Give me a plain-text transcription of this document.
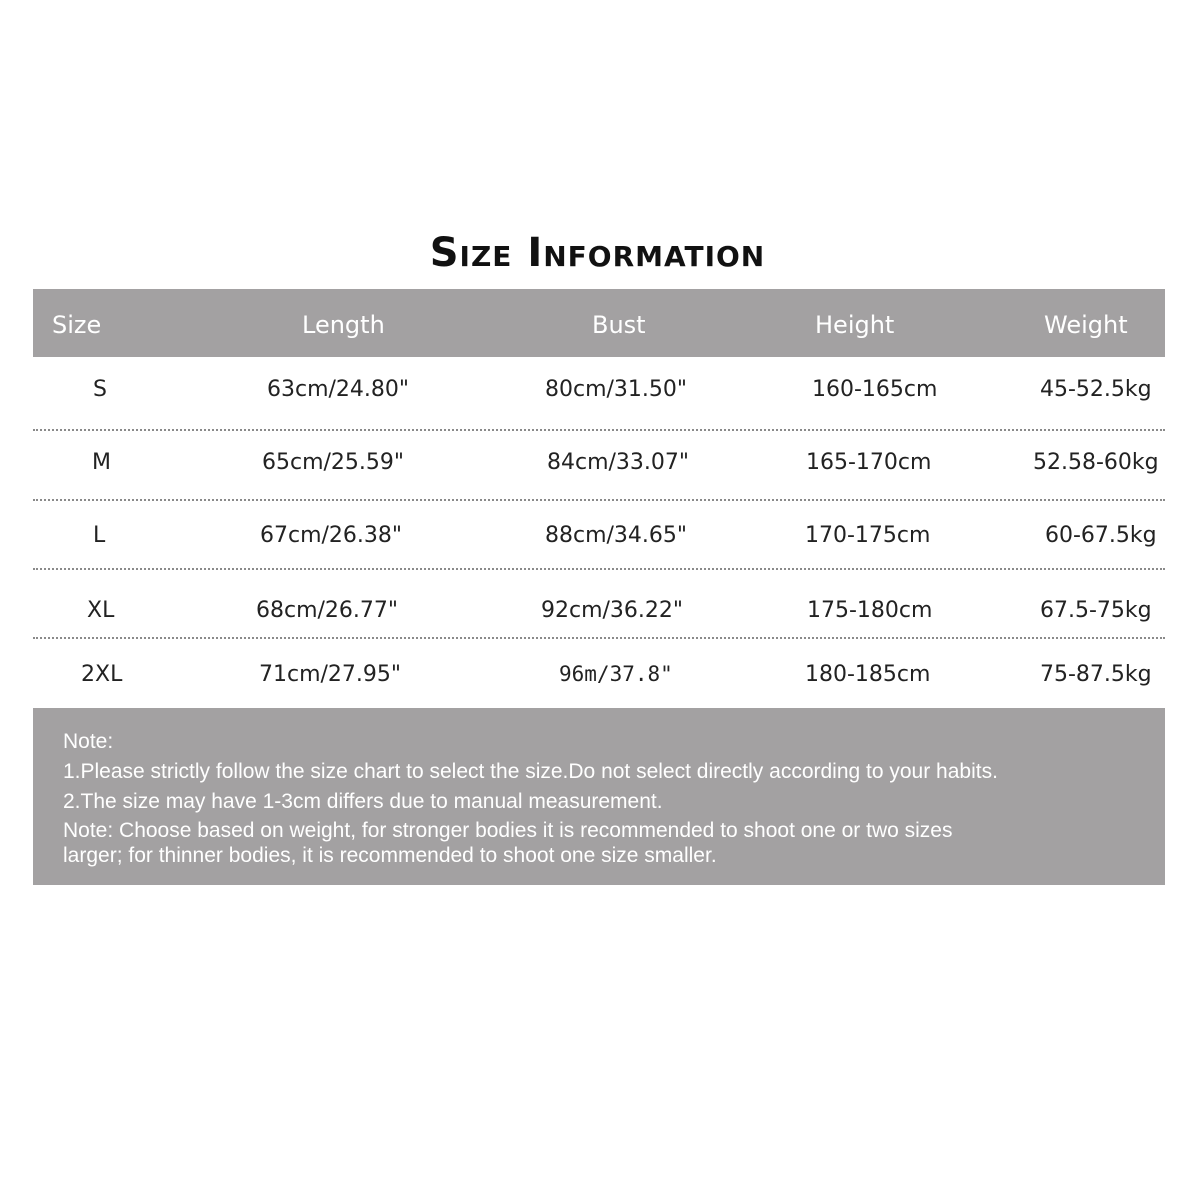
Size Information
Size	Length	Bust	Height	Weight
S	63cm/24.80"	80cm/31.50"	160-165cm	45-52.5kg
M	65cm/25.59"	84cm/33.07"	165-170cm	52.58-60kg
L	67cm/26.38"	88cm/34.65"	170-175cm	60-67.5kg
XL	68cm/26.77"	92cm/36.22"	175-180cm	67.5-75kg
2XL	71cm/27.95"	96m/37.8"	180-185cm	75-87.5kg
Note:
1.Please strictly follow the size chart to select the size.Do not select directly according to your habits.
2.The size may have 1-3cm differs due to manual measurement.
Note: Choose based on weight, for stronger bodies it is recommended to shoot one or two sizes
larger; for thinner bodies, it is recommended to shoot one size smaller.
